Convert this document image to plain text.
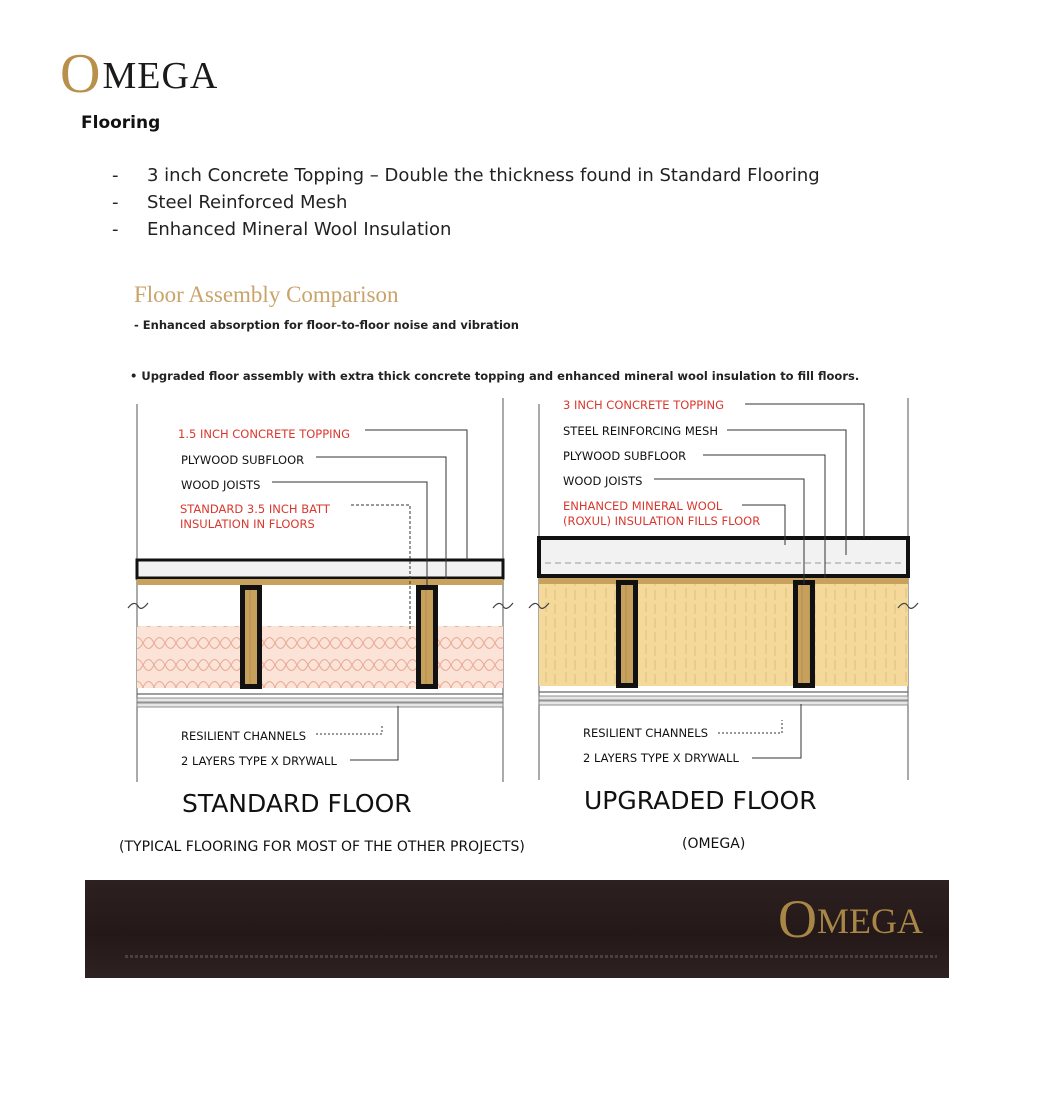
OMEGA
Flooring
-	3 inch Concrete Topping – Double the thickness found in Standard Flooring
-	Steel Reinforced Mesh
-	Enhanced Mineral Wool Insulation
Floor Assembly Comparison
- Enhanced absorption for floor-to-floor noise and vibration
• Upgraded floor assembly with extra thick concrete topping and enhanced mineral wool insulation to fill floors.
1.5 INCH CONCRETE TOPPING
PLYWOOD SUBFLOOR
WOOD JOISTS
STANDARD 3.5 INCH BATT
INSULATION IN FLOORS
RESILIENT CHANNELS
2 LAYERS TYPE X DRYWALL
3 INCH CONCRETE TOPPING
STEEL REINFORCING MESH
PLYWOOD SUBFLOOR
WOOD JOISTS
ENHANCED MINERAL WOOL
(ROXUL) INSULATION FILLS FLOOR
RESILIENT CHANNELS
2 LAYERS TYPE X DRYWALL
STANDARD FLOOR
(TYPICAL FLOORING FOR MOST OF THE OTHER PROJECTS)
UPGRADED FLOOR
(OMEGA)
OMEGA
